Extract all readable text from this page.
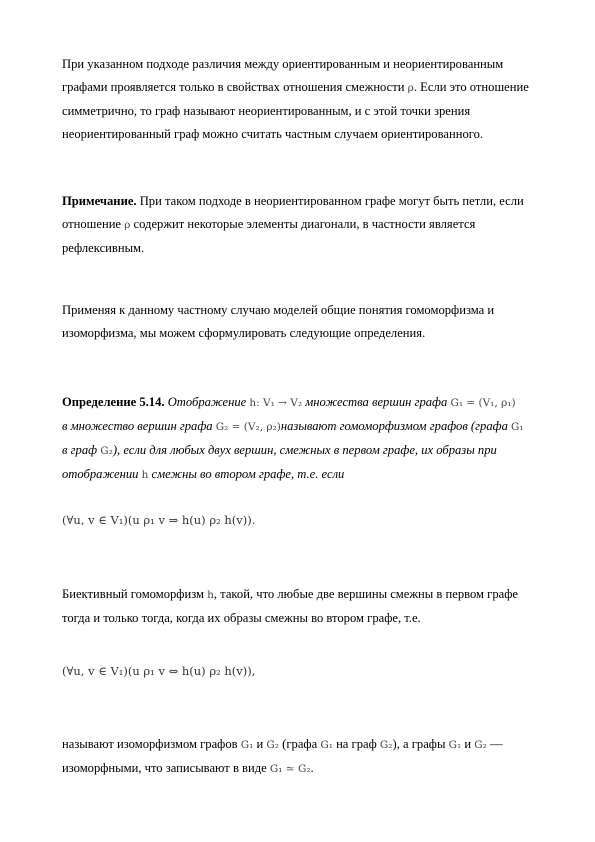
При указанном подходе различия между ориентированным и неориентированным
графами проявляется только в свойствах отношения смежности ρ. Если это отношение
симметрично, то граф называют неориентированным, и с этой точки зрения
неориентированный граф можно считать частным случаем ориентированного.
Примечание. При таком подходе в неориентированном графе могут быть петли, если
отношение ρ содержит некоторые элементы диагонали, в частности является
рефлексивным.
Применяя к данному частному случаю моделей общие понятия гомоморфизма и
изоморфизма, мы можем сформулировать следующие определения.
Определение 5.14. Отображение h: V₁ → V₂ множества вершин графа G₁ = (V₁, ρ₁)
в множество вершин графа G₂ = (V₂, ρ₂)называют гомоморфизмом графов (графа G₁
в граф G₂), если для любых двух вершин, смежных в первом графе, их образы при
отображении h смежны во втором графе, т.е. если
(∀u, v ∈ V₁)(u ρ₁ v ⇒ h(u) ρ₂ h(v)).
Биективный гомоморфизм h, такой, что любые две вершины смежны в первом графе
тогда и только тогда, когда их образы смежны во втором графе, т.е.
(∀u, v ∈ V₁)(u ρ₁ v ⇔ h(u) ρ₂ h(v)),
называют изоморфизмом графов G₁ и G₂ (графа G₁ на граф G₂), а графы G₁ и G₂ —
изоморфными, что записывают в виде G₁ ≃ G₂.
